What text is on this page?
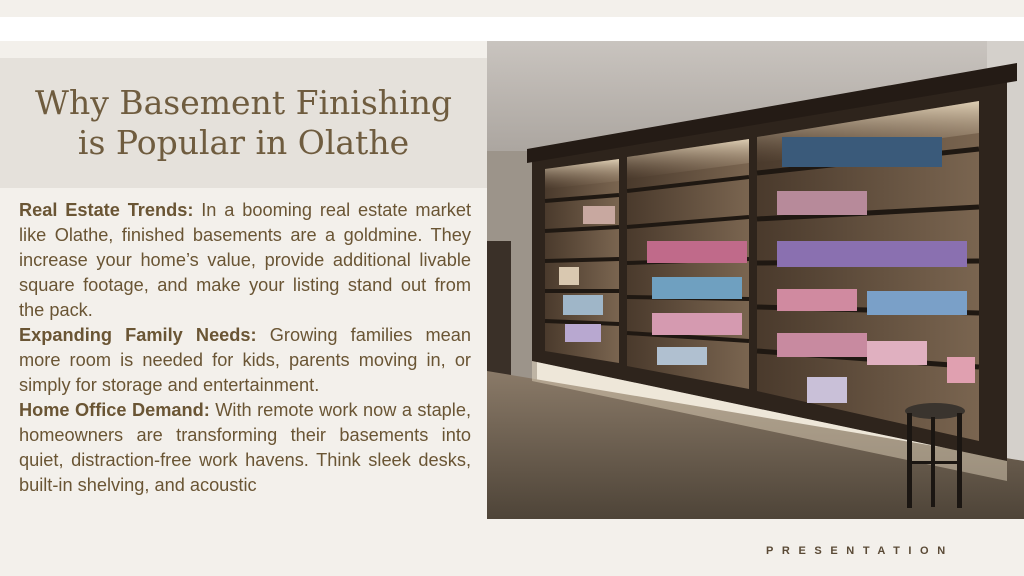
Why Basement Finishing is Popular in Olathe

Real Estate Trends: In a booming real estate market like Olathe, finished basements are a goldmine. They increase your home’s value, provide additional livable square footage, and make your listing stand out from the pack.

Expanding Family Needs: Growing families mean more room is needed for kids, parents moving in, or simply for storage and entertainment.

Home Office Demand: With remote work now a staple, homeowners are transforming their basements into quiet, distraction-free work havens. Think sleek desks, built-in shelving, and acoustic

PRESENTATION
